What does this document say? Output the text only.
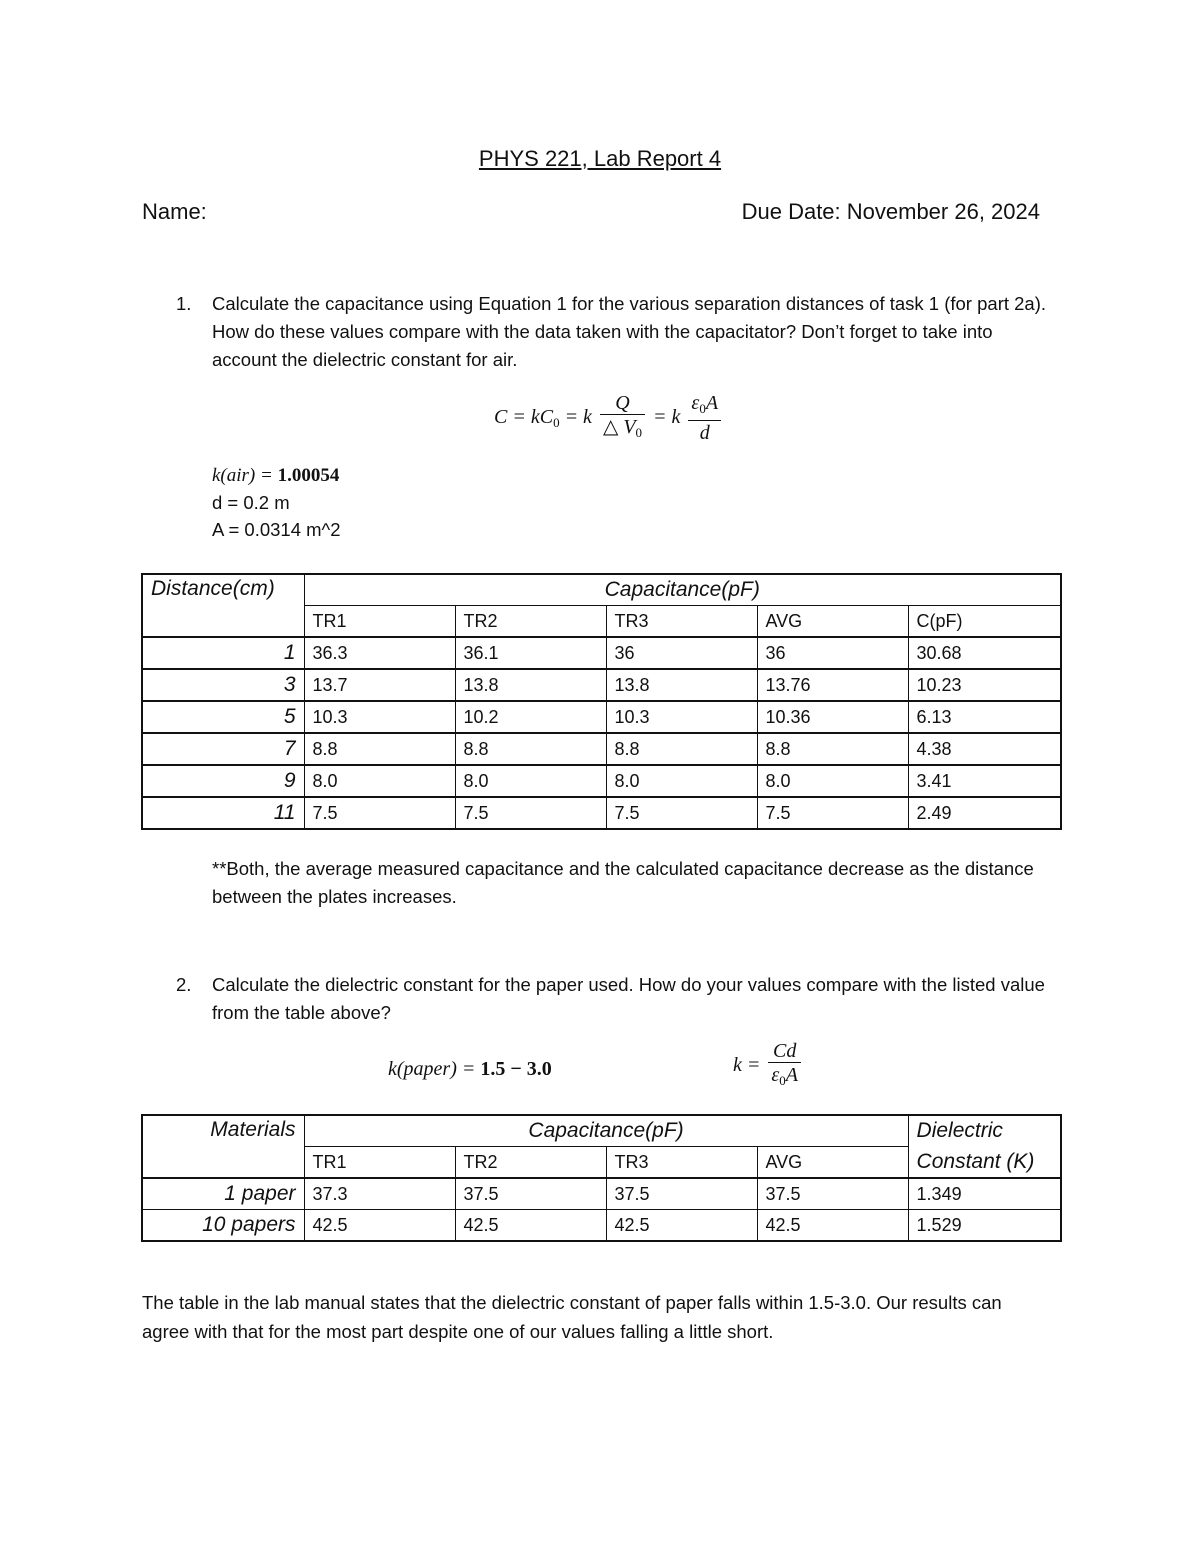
PHYS 221, Lab Report 4
Name:	Due Date: November 26, 2024
1. Calculate the capacitance using Equation 1 for the various separation distances of task 1 (for part 2a). How do these values compare with the data taken with the capacitator? Don’t forget to take into account the dielectric constant for air.
$C = kC_0 = k \frac{Q}{\triangle V_0} = k \frac{\varepsilon_0A}{d}$
k(air) = 1.00054
d = 0.2 m
A = 0.0314 m^2
Distance(cm)	Capacitance(pF)				
	TR1	TR2	TR3	AVG	C(pF)
1	36.3	36.1	36	36	30.68
3	13.7	13.8	13.8	13.76	10.23
5	10.3	10.2	10.3	10.36	6.13
7	8.8	8.8	8.8	8.8	4.38
9	8.0	8.0	8.0	8.0	3.41
11	7.5	7.5	7.5	7.5	2.49
**Both, the average measured capacitance and the calculated capacitance decrease as the distance between the plates increases.
2. Calculate the dielectric constant for the paper used. How do your values compare with the listed value from the table above?
k(paper) = 1.5 − 3.0	$k = \frac{Cd}{\varepsilon_0A}$
Materials	Capacitance(pF)				Dielectric
	TR1	TR2	TR3	AVG	Constant (K)
1 paper	37.3	37.5	37.5	37.5	1.349
10 papers	42.5	42.5	42.5	42.5	1.529
The table in the lab manual states that the dielectric constant of paper falls within 1.5-3.0. Our results can agree with that for the most part despite one of our values falling a little short.
